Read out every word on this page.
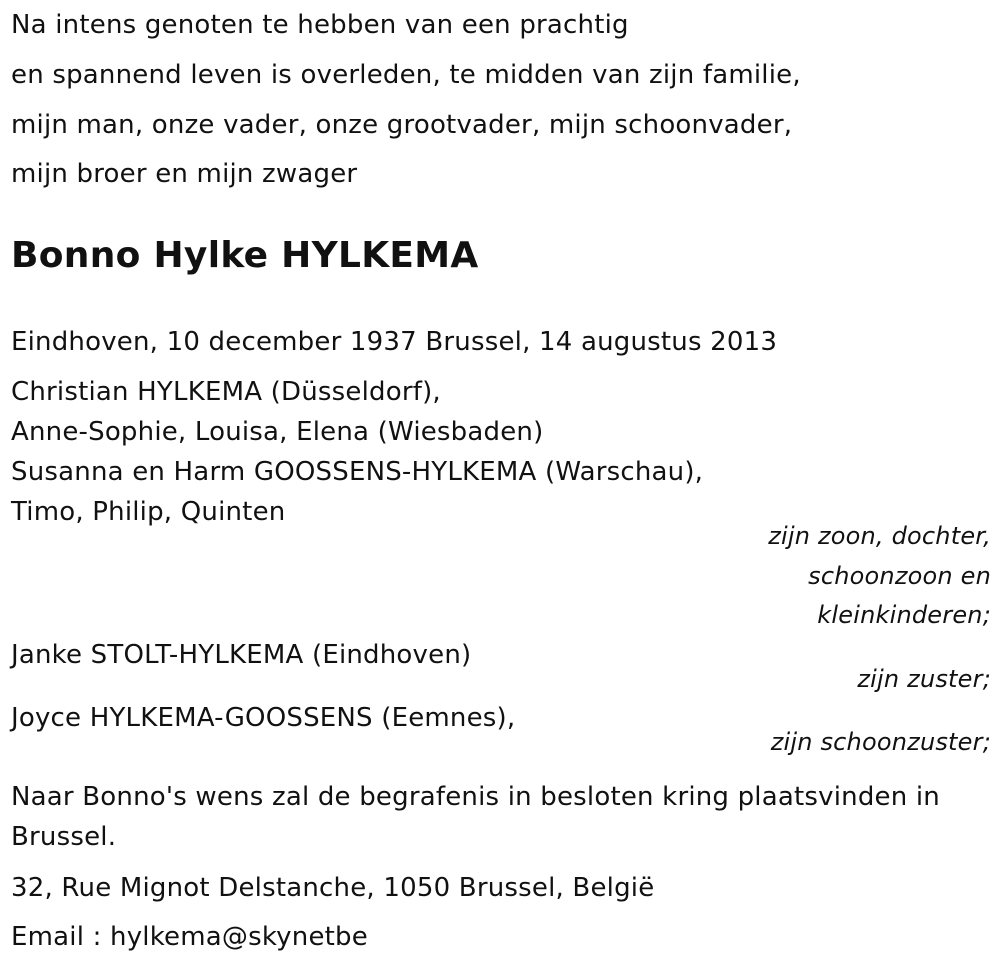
Na intens genoten te hebben van een prachtig
en spannend leven is overleden, te midden van zijn familie,
mijn man, onze vader, onze grootvader, mijn schoonvader,
mijn broer en mijn zwager
Bonno Hylke HYLKEMA
Eindhoven, 10 december 1937 Brussel, 14 augustus 2013
Christian HYLKEMA (Düsseldorf),
Anne-Sophie, Louisa, Elena (Wiesbaden)
Susanna en Harm GOOSSENS-HYLKEMA (Warschau),
Timo, Philip, Quinten
zijn zoon, dochter,
schoonzoon en
kleinkinderen;
Janke STOLT-HYLKEMA (Eindhoven)
zijn zuster;
Joyce HYLKEMA-GOOSSENS (Eemnes),
zijn schoonzuster;
Naar Bonno's wens zal de begrafenis in besloten kring plaatsvinden in Brussel.
32, Rue Mignot Delstanche, 1050 Brussel, België
Email : hylkema@skynetbe
